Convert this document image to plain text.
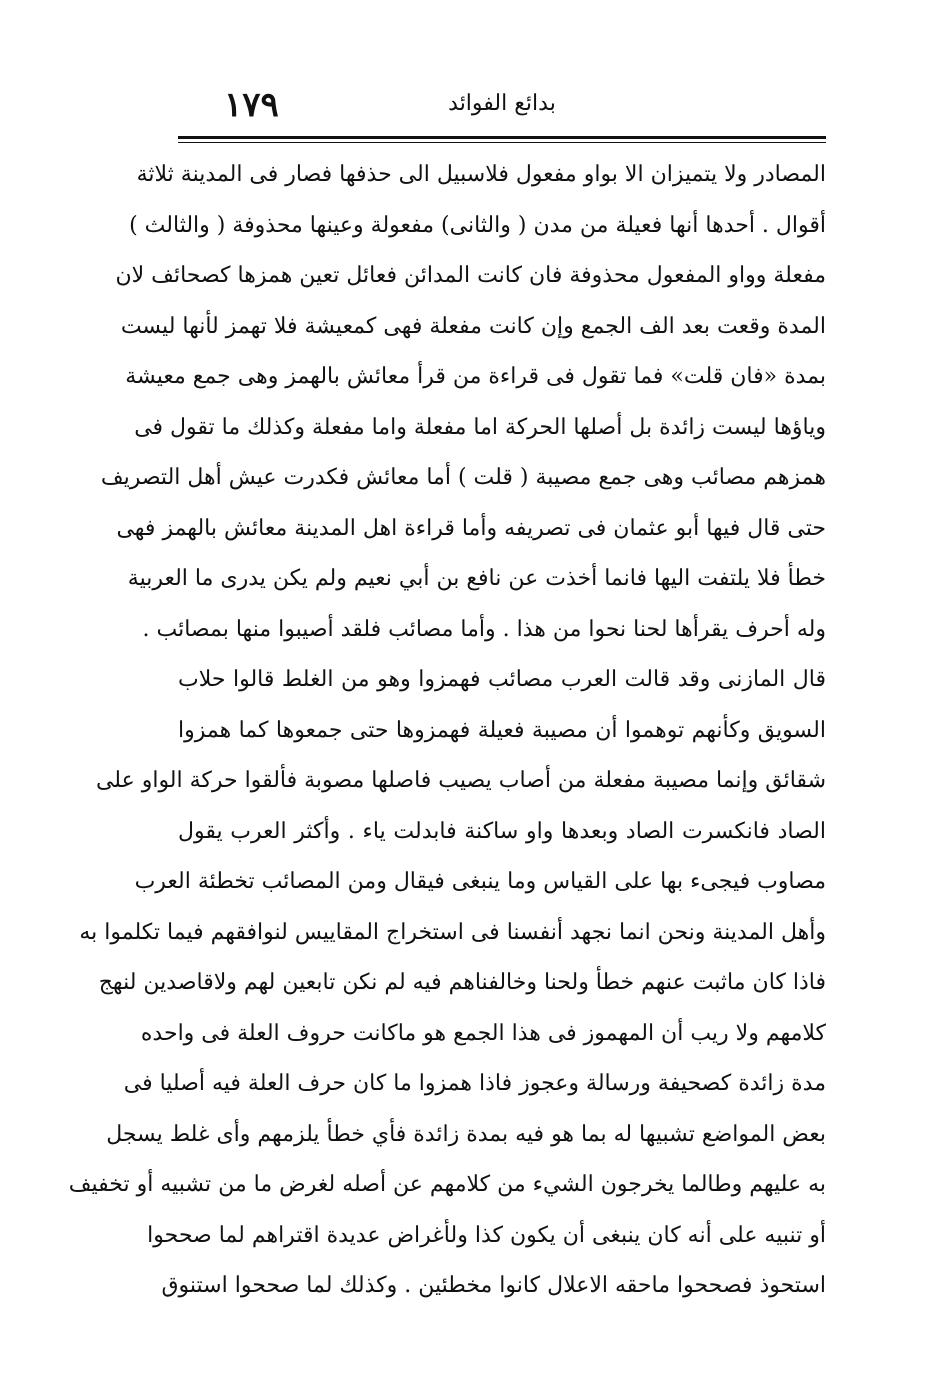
١٧٩	بدائع الفوائد
المصادر ولا يتميزان الا بواو مفعول فلاسبيل الى حذفها فصار فى المدينة ثلاثة
أقوال . أحدها أنها فعيلة من مدن ( والثانى) مفعولة وعينها محذوفة ( والثالث )
مفعلة وواو المفعول محذوفة فان كانت المدائن فعائل تعين همزها كصحائف لان
المدة وقعت بعد الف الجمع وإن كانت مفعلة فهى كمعيشة فلا تهمز لأنها ليست
بمدة «فان قلت» فما تقول فى قراءة من قرأ معائش بالهمز وهى جمع معيشة
وياؤها ليست زائدة بل أصلها الحركة اما مفعلة واما مفعلة وكذلك ما تقول فى
همزهم مصائب وهى جمع مصيبة ( قلت ) أما معائش فكدرت عيش أهل التصريف
حتى قال فيها أبو عثمان فى تصريفه وأما قراءة اهل المدينة معائش بالهمز فهى
خطأ فلا يلتفت اليها فانما أخذت عن نافع بن أبي نعيم ولم يكن يدرى ما العربية
وله أحرف يقرأها لحنا نحوا من هذا . وأما مصائب فلقد أصيبوا منها بمصائب .
قال المازنى وقد قالت العرب مصائب فهمزوا وهو من الغلط قالوا حلاب
السويق وكأنهم توهموا أن مصيبة فعيلة فهمزوها حتى جمعوها كما همزوا
شقائق وإنما مصيبة مفعلة من أصاب يصيب فاصلها مصوبة فألقوا حركة الواو على
الصاد فانكسرت الصاد وبعدها واو ساكنة فابدلت ياء . وأكثر العرب يقول
مصاوب فيجىء بها على القياس وما ينبغى فيقال ومن المصائب تخطئة العرب
وأهل المدينة ونحن انما نجهد أنفسنا فى استخراج المقاييس لنوافقهم فيما تكلموا به
فاذا كان ماثبت عنهم خطأ ولحنا وخالفناهم فيه لم نكن تابعين لهم ولاقاصدين لنهج
كلامهم ولا ريب أن المهموز فى هذا الجمع هو ماكانت حروف العلة فى واحده
مدة زائدة كصحيفة ورسالة وعجوز فاذا همزوا ما كان حرف العلة فيه أصليا فى
بعض المواضع تشبيها له بما هو فيه بمدة زائدة فأي خطأ يلزمهم وأى غلط يسجل
به عليهم وطالما يخرجون الشيء من كلامهم عن أصله لغرض ما من تشبيه أو تخفيف
أو تنبيه على أنه كان ينبغى أن يكون كذا ولأغراض عديدة اقتراهم لما صححوا
استحوذ فصححوا ماحقه الاعلال كانوا مخطئين . وكذلك لما صححوا استنوق
